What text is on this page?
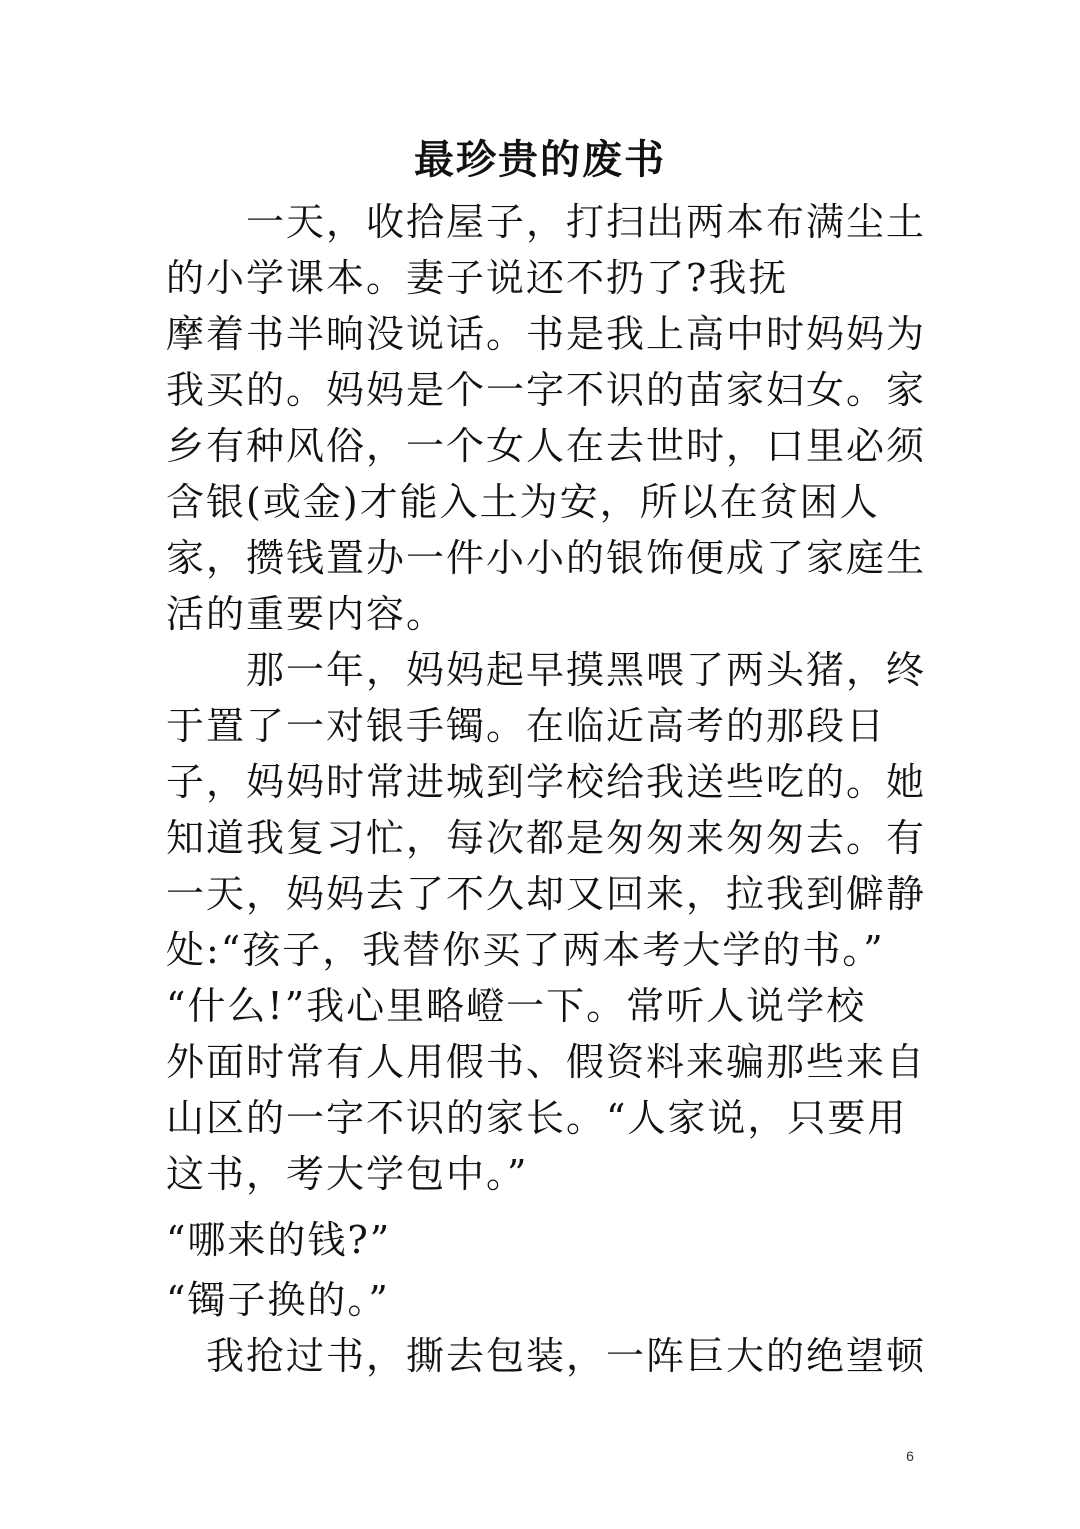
最珍贵的废书
　　一天，收拾屋子，打扫出两本布满尘土
的小学课本。妻子说还不扔了?我抚
摩着书半晌没说话。书是我上高中时妈妈为
我买的。妈妈是个一字不识的苗家妇女。家
乡有种风俗，一个女人在去世时，口里必须
含银(或金)才能入土为安，所以在贫困人
家，攒钱置办一件小小的银饰便成了家庭生
活的重要内容。
　　那一年，妈妈起早摸黑喂了两头猪，终
于置了一对银手镯。在临近高考的那段日
子，妈妈时常进城到学校给我送些吃的。她
知道我复习忙，每次都是匆匆来匆匆去。有
一天，妈妈去了不久却又回来，拉我到僻静
处:“孩子，我替你买了两本考大学的书。”
“什么!”我心里略嶝一下。常听人说学校
外面时常有人用假书、假资料来骗那些来自
山区的一字不识的家长。“人家说，只要用
这书，考大学包中。”
“哪来的钱?”
“镯子换的。”
　我抢过书，撕去包装，一阵巨大的绝望顿
6
